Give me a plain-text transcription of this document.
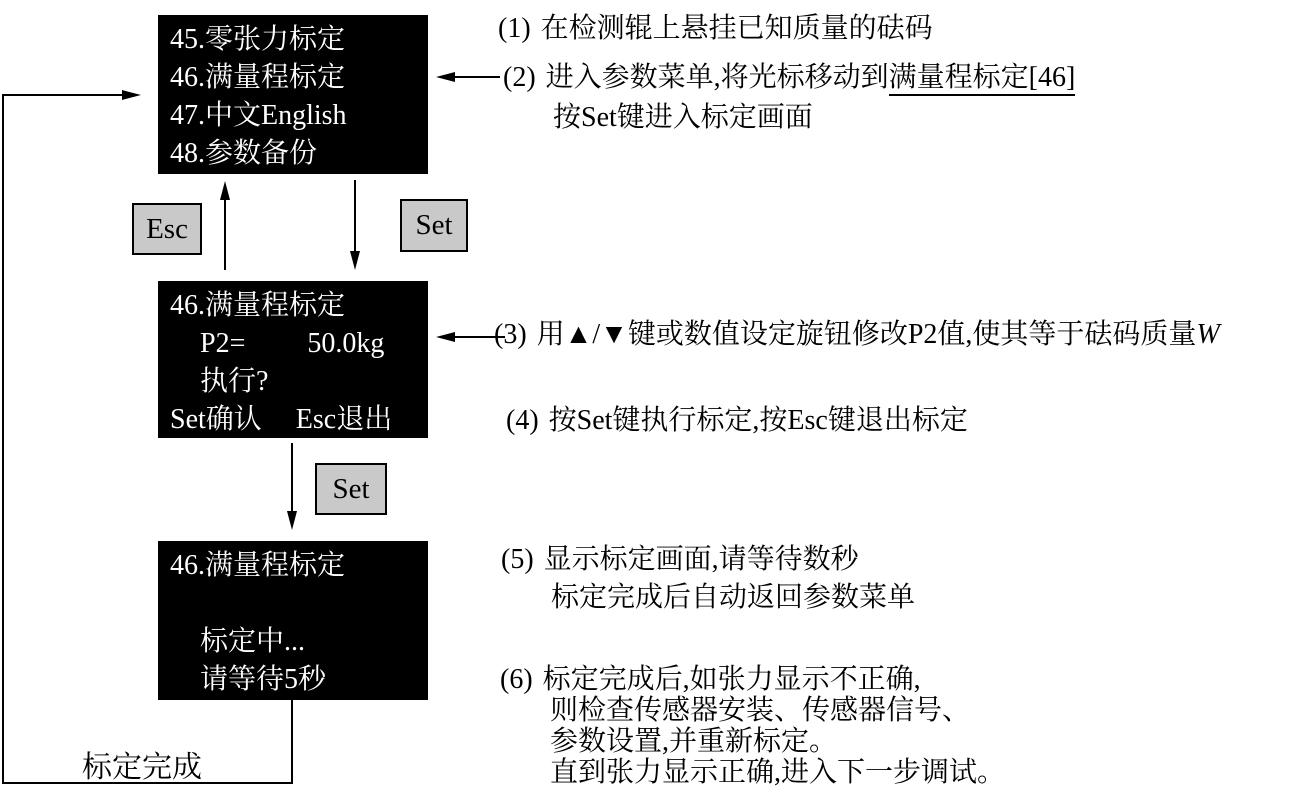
45.零张力标定
46.满量程标定
47.中文English
48.参数备份
46.满量程标定
P2= 50.0kg
执行?
Set确认 Esc退出
46.满量程标定

标定中...
请等待5秒
Esc	Set
Set
标定完成
(1) 在检测辊上悬挂已知质量的砝码
(2) 进入参数菜单,将光标移动到满量程标定[46]
按Set键进入标定画面
(3) 用▲/▼键或数值设定旋钮修改P2值,使其等于砝码质量W
(4) 按Set键执行标定,按Esc键退出标定
(5) 显示标定画面,请等待数秒
标定完成后自动返回参数菜单
(6) 标定完成后,如张力显示不正确,
则检查传感器安装、传感器信号、
参数设置,并重新标定。
直到张力显示正确,进入下一步调试。
